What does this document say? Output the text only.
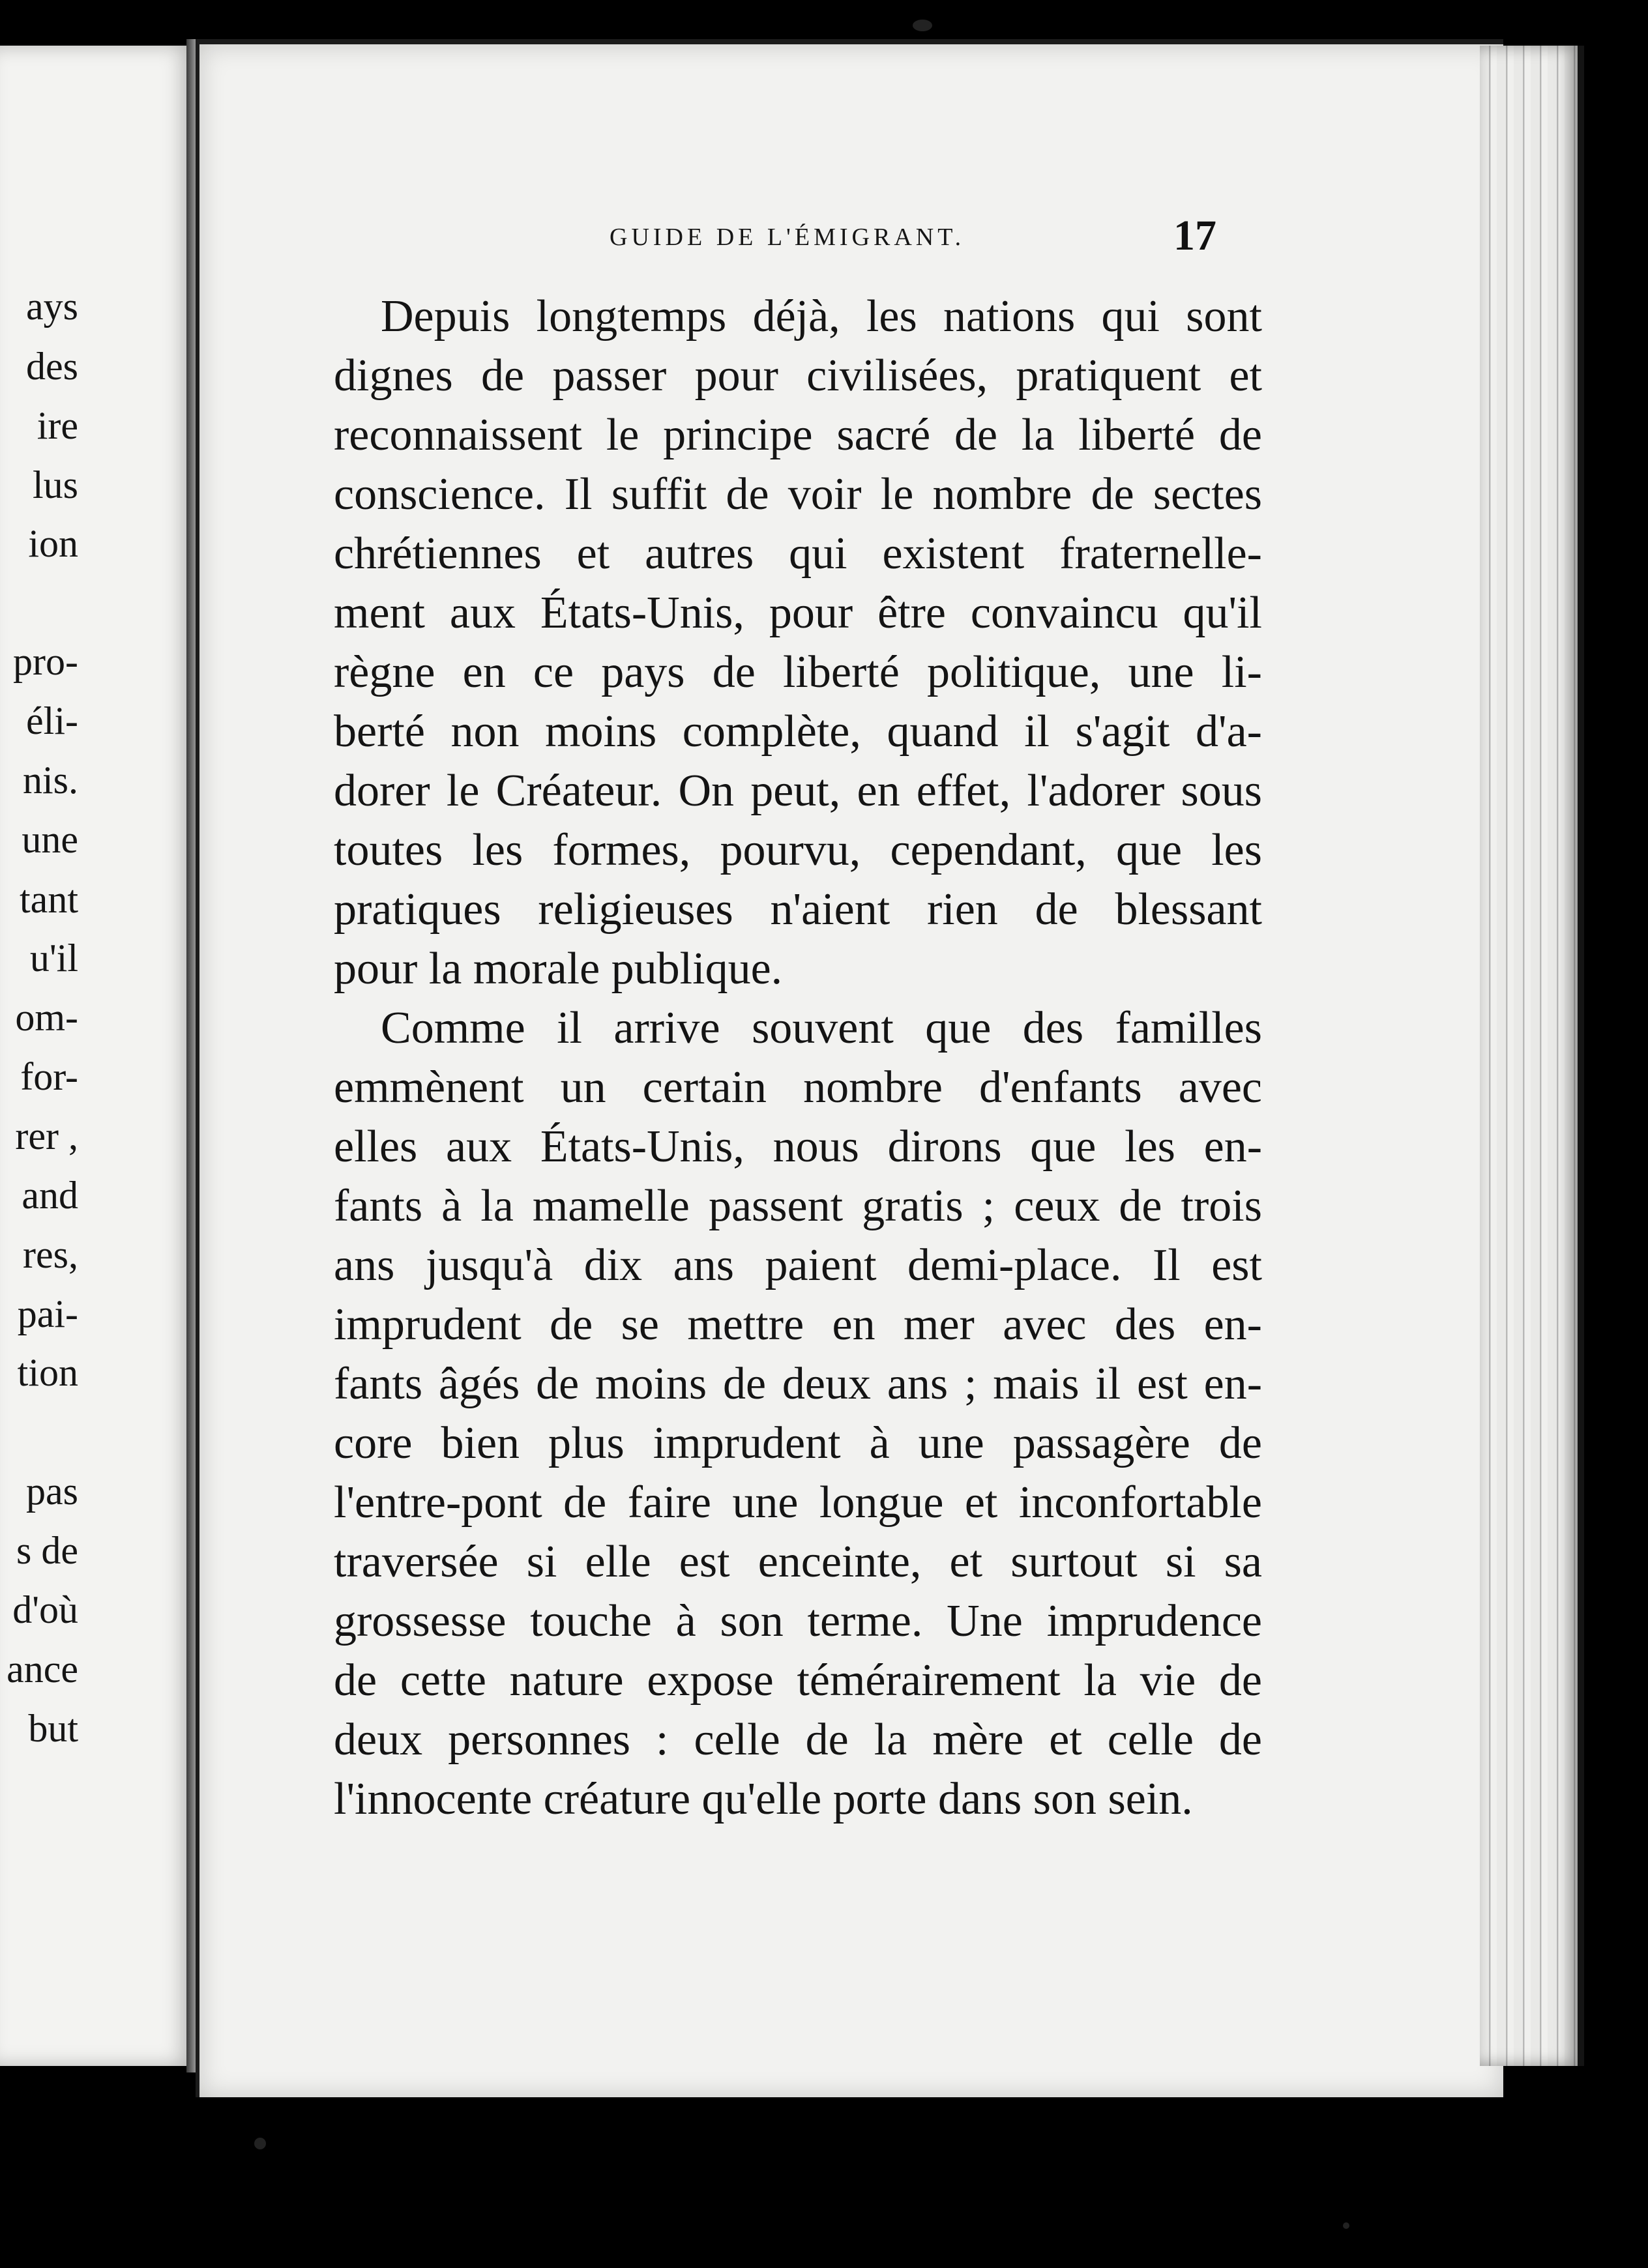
ays
des
ire
lus
ion
pro-
éli-
nis.
une
tant
u'il
om-
for-
rer ,
and
res,
pai-
tion
pas
s de
d'où
ance
but
GUIDE DE L'ÉMIGRANT.	17
Depuis longtemps déjà, les nations qui sont
dignes de passer pour civilisées, pratiquent et
reconnaissent le principe sacré de la liberté de
conscience. Il suffit de voir le nombre de sectes
chrétiennes et autres qui existent fraternelle-
ment aux États-Unis, pour être convaincu qu'il
règne en ce pays de liberté politique, une li-
berté non moins complète, quand il s'agit d'a-
dorer le Créateur. On peut, en effet, l'adorer sous
toutes les formes, pourvu, cependant, que les
pratiques religieuses n'aient rien de blessant
pour la morale publique.
Comme il arrive souvent que des familles
emmènent un certain nombre d'enfants avec
elles aux États-Unis, nous dirons que les en-
fants à la mamelle passent gratis ; ceux de trois
ans jusqu'à dix ans paient demi-place. Il est
imprudent de se mettre en mer avec des en-
fants âgés de moins de deux ans ; mais il est en-
core bien plus imprudent à une passagère de
l'entre-pont de faire une longue et inconfortable
traversée si elle est enceinte, et surtout si sa
grossesse touche à son terme. Une imprudence
de cette nature expose témérairement la vie de
deux personnes : celle de la mère et celle de
l'innocente créature qu'elle porte dans son sein.
